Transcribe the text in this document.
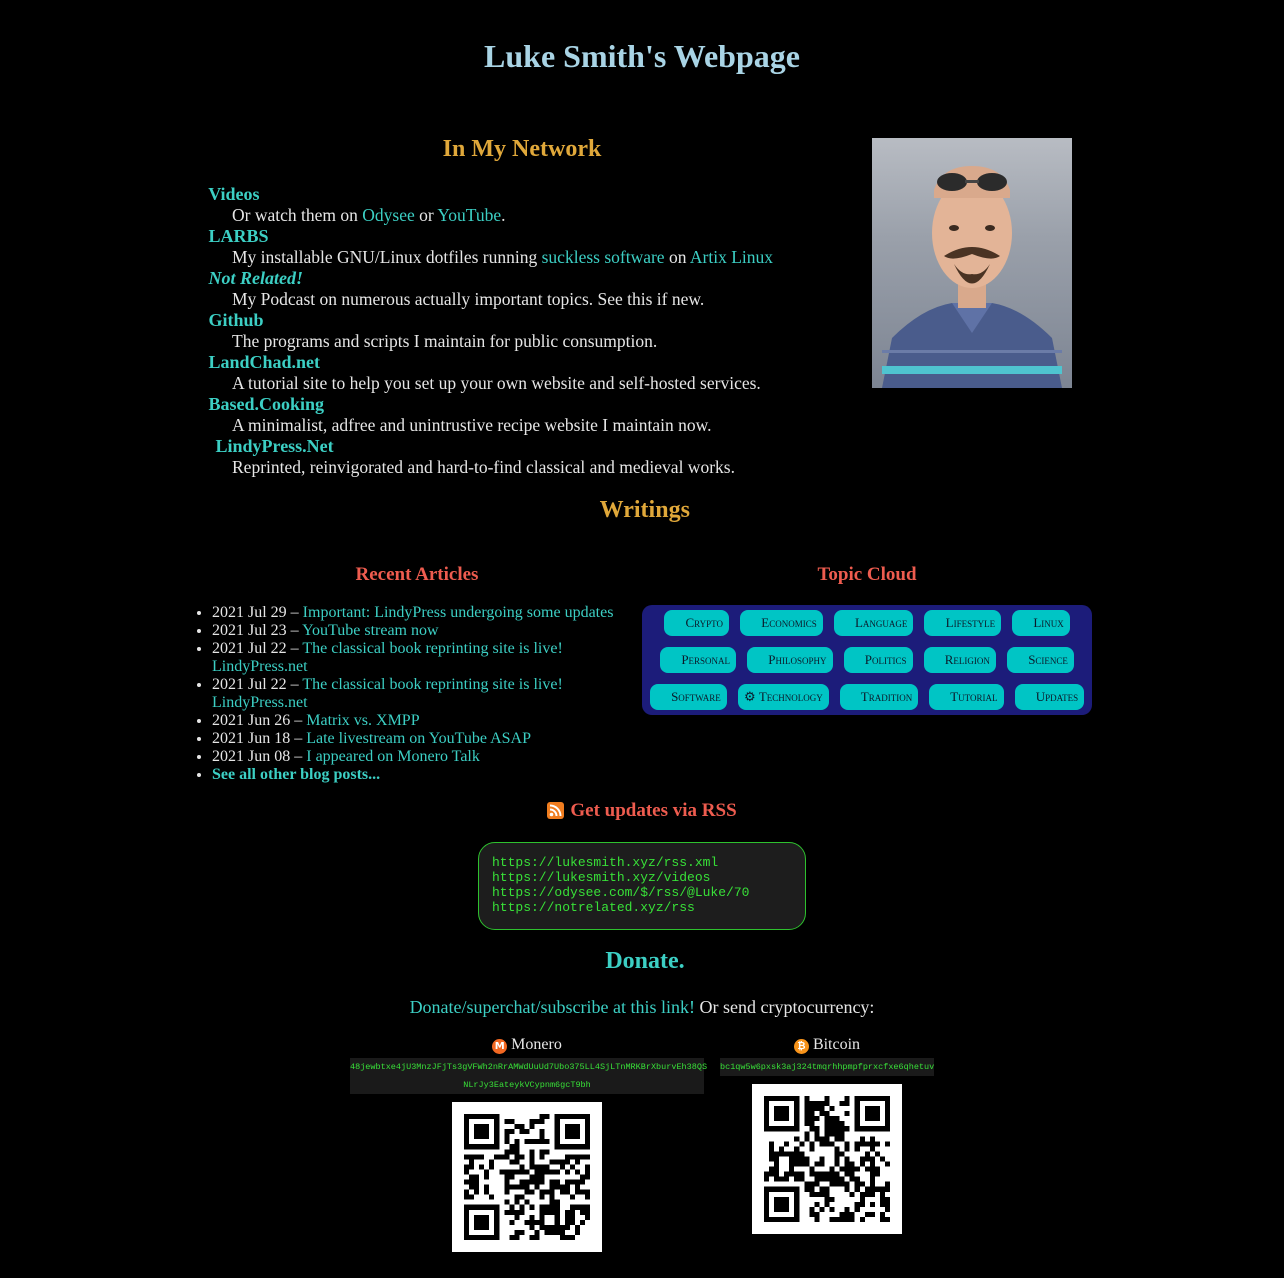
Luke Smith's Webpage
In My Network
Videos
Or watch them on Odysee or YouTube.
LARBS
My installable GNU/Linux dotfiles running suckless software on Artix Linux
Not Related!
My Podcast on numerous actually important topics. See this if new.
Github
The programs and scripts I maintain for public consumption.
LandChad.net
A tutorial site to help you set up your own website and self-hosted services.
Based.Cooking
A minimalist, adfree and unintrustive recipe website I maintain now.
LindyPress.Net
Reprinted, reinvigorated and hard-to-find classical and medieval works.
Writings
Recent Articles	Topic Cloud
• 2021 Jul 29 – Important: LindyPress undergoing some updates
• 2021 Jul 23 – YouTube stream now
• 2021 Jul 22 – The classical book reprinting site is live! LindyPress.net
• 2021 Jul 22 – The classical book reprinting site is live! LindyPress.net
• 2021 Jun 26 – Matrix vs. XMPP
• 2021 Jun 18 – Late livestream on YouTube ASAP
• 2021 Jun 08 – I appeared on Monero Talk
• See all other blog posts...
Crypto	Economics	Language	Lifestyle	Linux
Personal	Philosophy	Politics	Religion	Science
Software	⚙ Technology	Tradition	Tutorial	Updates
Get updates via RSS
https://lukesmith.xyz/rss.xml
https://lukesmith.xyz/videos
https://odysee.com/$/rss/@Luke/70
https://notrelated.xyz/rss
Donate.
Donate/superchat/subscribe at this link! Or send cryptocurrency:
M Monero
48jewbtxe4jU3MnzJFjTs3gVFWh2nRrAMWdUuUd7Ubo375LL4SjLTnMRKBrXburvEh38QS
NLrJy3EateykVCypnm6gcT9bh
₿ Bitcoin
bc1qw5w6pxsk3aj324tmqrhhpmpfprxcfxe6qhetuv
